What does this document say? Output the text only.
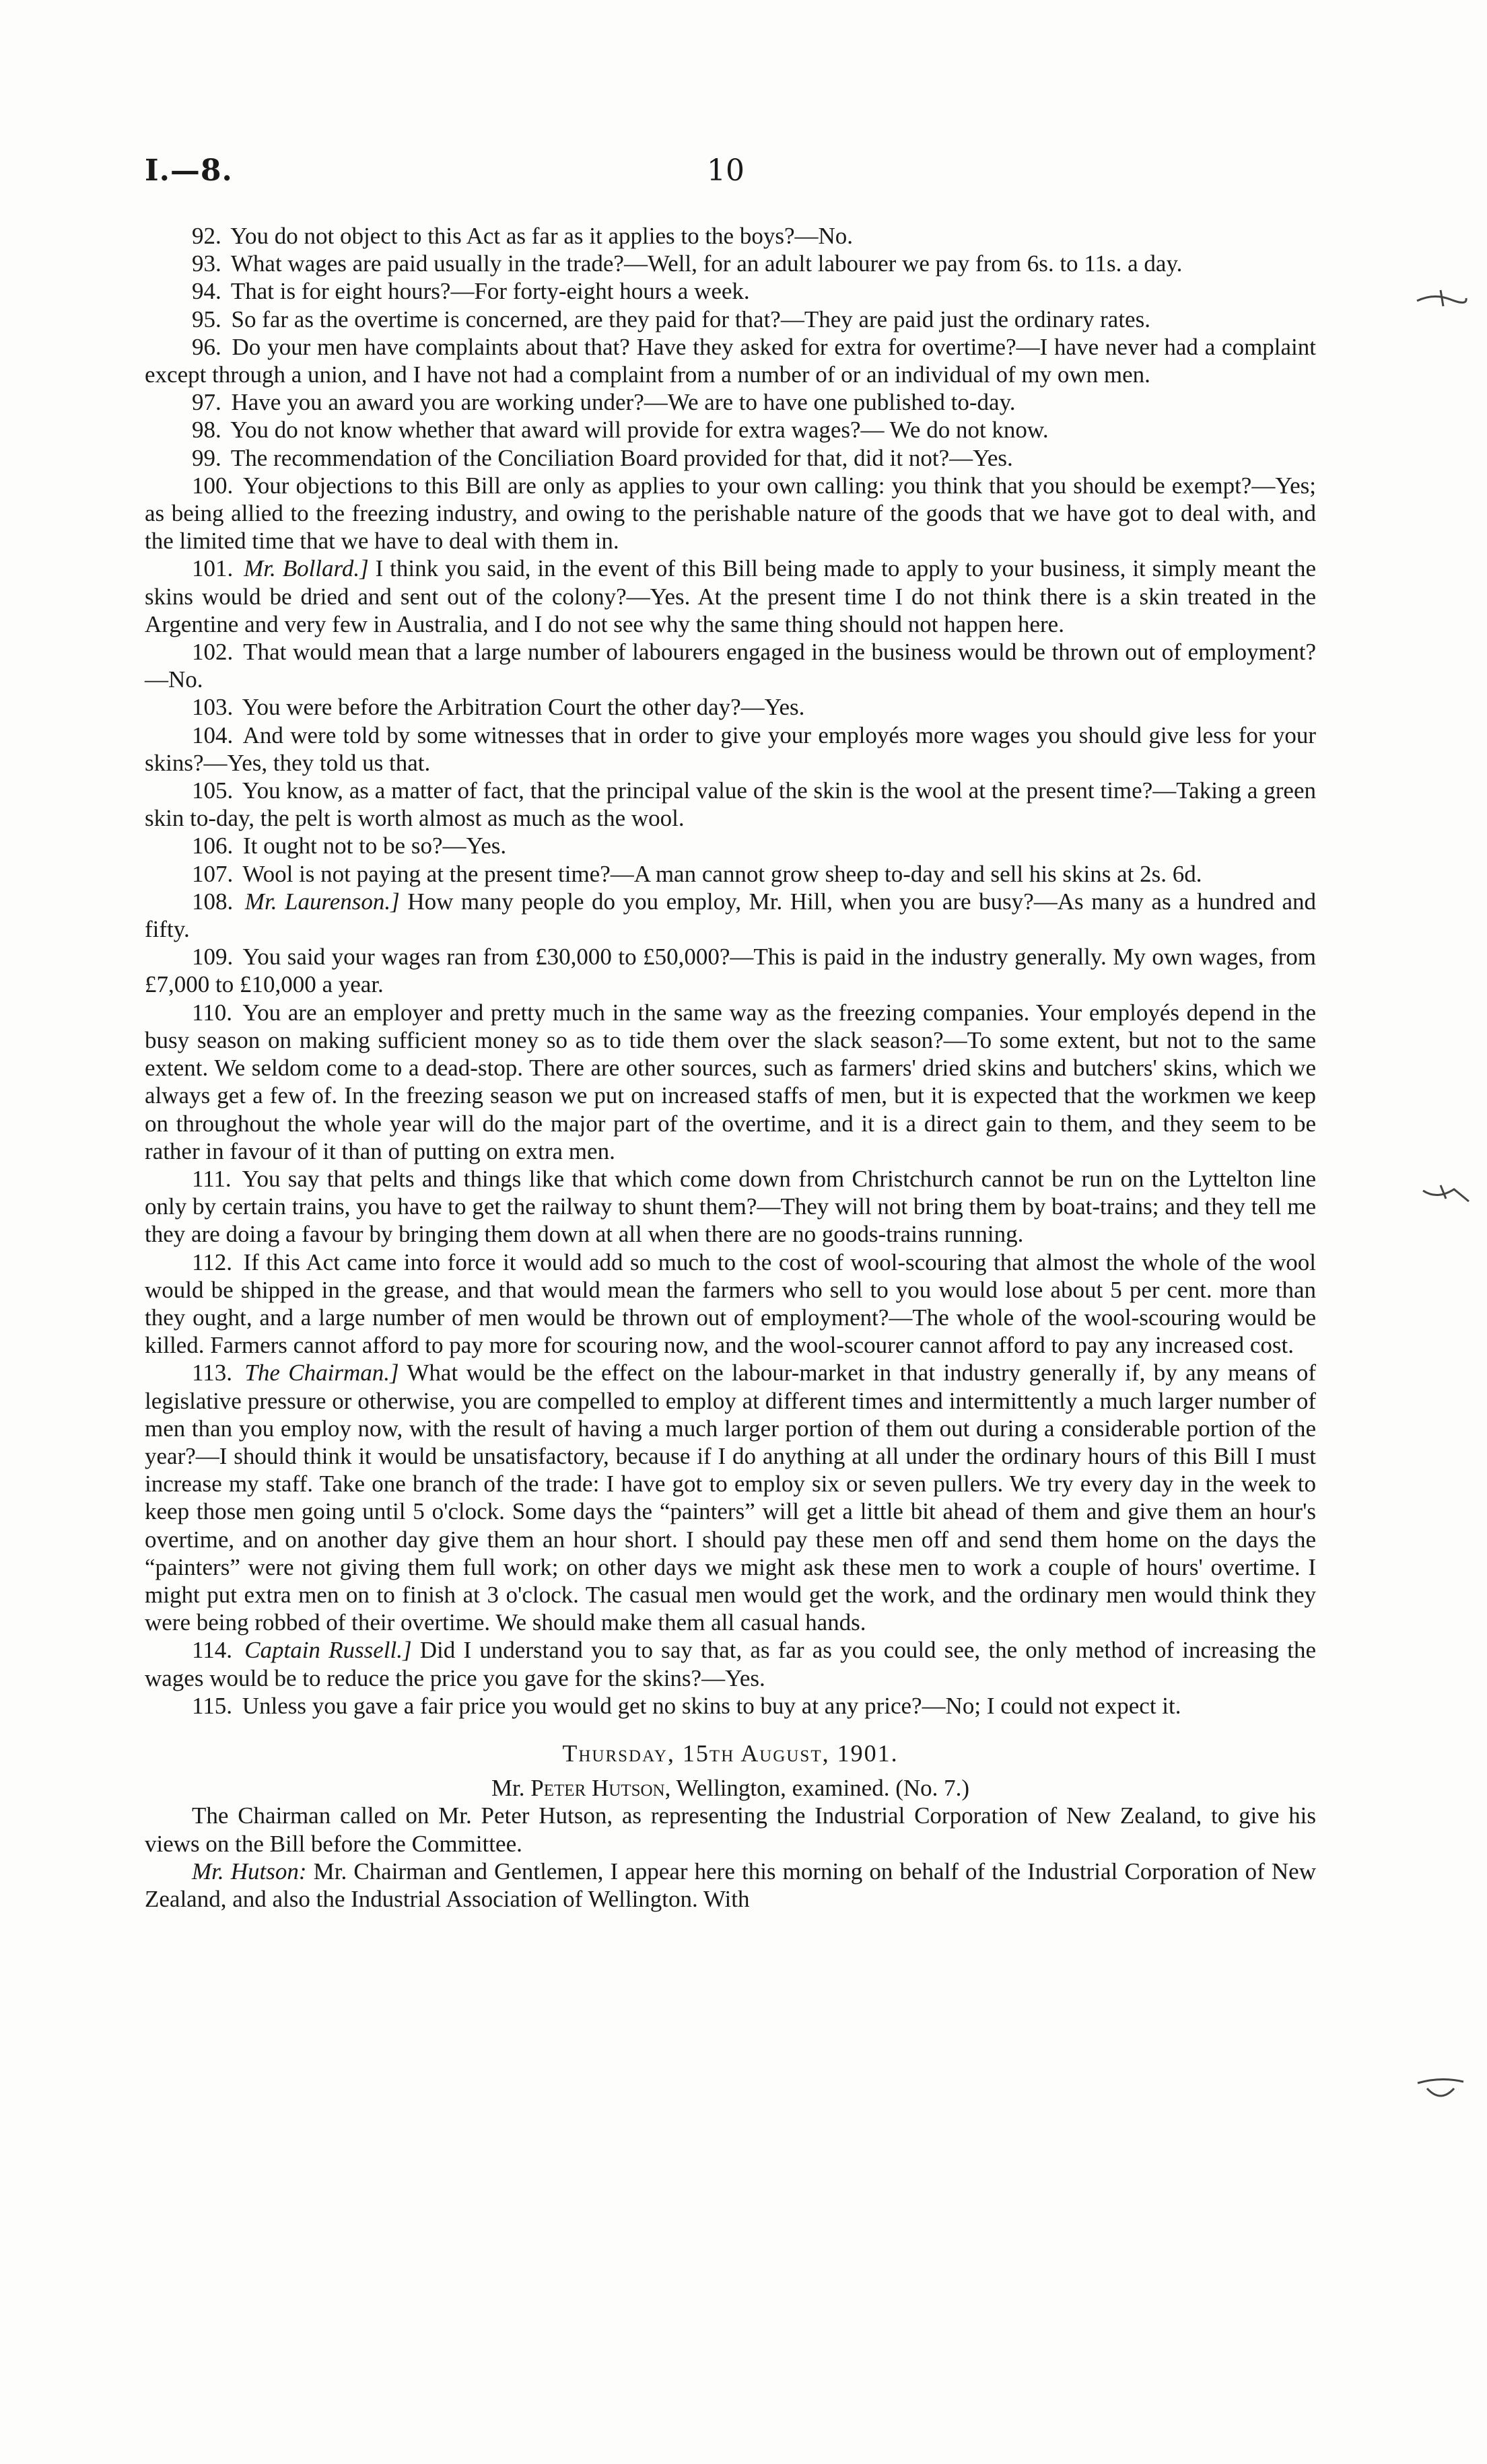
I.—8.	10

92. You do not object to this Act as far as it applies to the boys?—No.

93. What wages are paid usually in the trade?—Well, for an adult labourer we pay from 6s. to 11s. a day.

94. That is for eight hours?—For forty-eight hours a week.

95. So far as the overtime is concerned, are they paid for that?—They are paid just the ordinary rates.

96. Do your men have complaints about that? Have they asked for extra for overtime?—I have never had a complaint except through a union, and I have not had a complaint from a number of or an individual of my own men.

97. Have you an award you are working under?—We are to have one published to-day.

98. You do not know whether that award will provide for extra wages?— We do not know.

99. The recommendation of the Conciliation Board provided for that, did it not?—Yes.

100. Your objections to this Bill are only as applies to your own calling: you think that you should be exempt?—Yes; as being allied to the freezing industry, and owing to the perishable nature of the goods that we have got to deal with, and the limited time that we have to deal with them in.

101. Mr. Bollard.] I think you said, in the event of this Bill being made to apply to your business, it simply meant the skins would be dried and sent out of the colony?—Yes. At the present time I do not think there is a skin treated in the Argentine and very few in Australia, and I do not see why the same thing should not happen here.

102. That would mean that a large number of labourers engaged in the business would be thrown out of employment?—No.

103. You were before the Arbitration Court the other day?—Yes.

104. And were told by some witnesses that in order to give your employés more wages you should give less for your skins?—Yes, they told us that.

105. You know, as a matter of fact, that the principal value of the skin is the wool at the present time?—Taking a green skin to-day, the pelt is worth almost as much as the wool.

106. It ought not to be so?—Yes.

107. Wool is not paying at the present time?—A man cannot grow sheep to-day and sell his skins at 2s. 6d.

108. Mr. Laurenson.] How many people do you employ, Mr. Hill, when you are busy?—As many as a hundred and fifty.

109. You said your wages ran from £30,000 to £50,000?—This is paid in the industry generally. My own wages, from £7,000 to £10,000 a year.

110. You are an employer and pretty much in the same way as the freezing companies. Your employés depend in the busy season on making sufficient money so as to tide them over the slack season?—To some extent, but not to the same extent. We seldom come to a dead-stop. There are other sources, such as farmers' dried skins and butchers' skins, which we always get a few of. In the freezing season we put on increased staffs of men, but it is expected that the workmen we keep on throughout the whole year will do the major part of the overtime, and it is a direct gain to them, and they seem to be rather in favour of it than of putting on extra men.

111. You say that pelts and things like that which come down from Christchurch cannot be run on the Lyttelton line only by certain trains, you have to get the railway to shunt them?—They will not bring them by boat-trains; and they tell me they are doing a favour by bringing them down at all when there are no goods-trains running.

112. If this Act came into force it would add so much to the cost of wool-scouring that almost the whole of the wool would be shipped in the grease, and that would mean the farmers who sell to you would lose about 5 per cent. more than they ought, and a large number of men would be thrown out of employment?—The whole of the wool-scouring would be killed. Farmers cannot afford to pay more for scouring now, and the wool-scourer cannot afford to pay any increased cost.

113. The Chairman.] What would be the effect on the labour-market in that industry generally if, by any means of legislative pressure or otherwise, you are compelled to employ at different times and intermittently a much larger number of men than you employ now, with the result of having a much larger portion of them out during a considerable portion of the year?—I should think it would be unsatisfactory, because if I do anything at all under the ordinary hours of this Bill I must increase my staff. Take one branch of the trade: I have got to employ six or seven pullers. We try every day in the week to keep those men going until 5 o'clock. Some days the “painters” will get a little bit ahead of them and give them an hour's overtime, and on another day give them an hour short. I should pay these men off and send them home on the days the “painters” were not giving them full work; on other days we might ask these men to work a couple of hours' overtime. I might put extra men on to finish at 3 o'clock. The casual men would get the work, and the ordinary men would think they were being robbed of their overtime. We should make them all casual hands.

114. Captain Russell.] Did I understand you to say that, as far as you could see, the only method of increasing the wages would be to reduce the price you gave for the skins?—Yes.

115. Unless you gave a fair price you would get no skins to buy at any price?—No; I could not expect it.

Thursday, 15th August, 1901.
Mr. Peter Hutson, Wellington, examined. (No. 7.)

The Chairman called on Mr. Peter Hutson, as representing the Industrial Corporation of New Zealand, to give his views on the Bill before the Committee.

Mr. Hutson: Mr. Chairman and Gentlemen, I appear here this morning on behalf of the Industrial Corporation of New Zealand, and also the Industrial Association of Wellington. With
